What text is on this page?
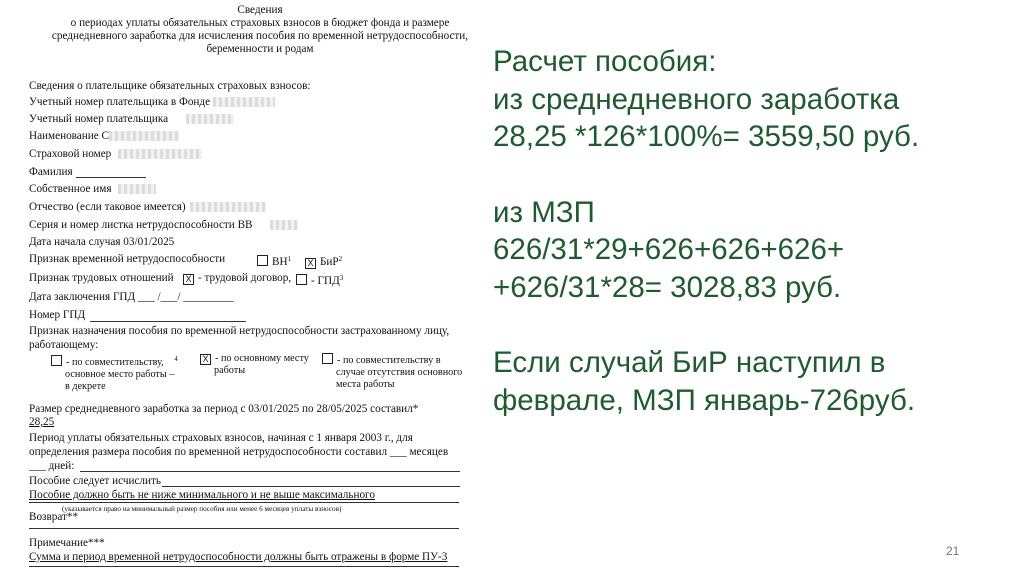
Сведения
о периодах уплаты обязательных страховых взносов в бюджет фонда и размере
среднедневного заработка для исчисления пособия по временной нетрудоспособности,
беременности и родам
Сведения о плательщике обязательных страховых взносов:
Учетный номер плательщика в Фонде
Учетный номер плательщика
Наименование С
Страховой номер
Фамилия
Собственное имя
Отчество (если таковое имеется)
Серия и номер листка нетрудоспособности ВВ
Дата начала случая 03/01/2025
Признак временной нетрудоспособности	$ВН^1$ X БиР$^2$
Признак трудовых отношений X - трудовой договор,	- ГПД$^3$
Дата заключения ГПД ___ /___/ _________
Номер ГПД
Признак назначения пособия по временной нетрудоспособности застрахованному лицу,
работающему:
- по совместительству, $^4$
основное место работы –
в декрете
X - по основному месту
работы
- по совместительству в
случае отсутствия основного
места работы
Размер среднедневного заработка за период с 03/01/2025 по 28/05/2025 составил*
28,25
Период уплаты обязательных страховых взносов, начиная с 1 января 2003 г., для
определения размера пособия по временной нетрудоспособности составил ___ месяцев
___ дней:
Пособие следует исчислить
Пособие должно быть не ниже минимального и не выше максимального
(указывается право на минимальный размер пособия или менее 6 месяцев уплаты взносов)
Возврат**
Примечание***
Сумма и период временной нетрудоспособности должны быть отражены в форме ПУ-3

Расчет пособия:

из среднедневного заработка

28,25 *126*100%= 3559,50 руб.

из МЗП

626/31*29+626+626+626+

+626/31*28= 3028,83 руб.

Если случай БиР наступил в

феврале, МЗП январь-726руб.

21
